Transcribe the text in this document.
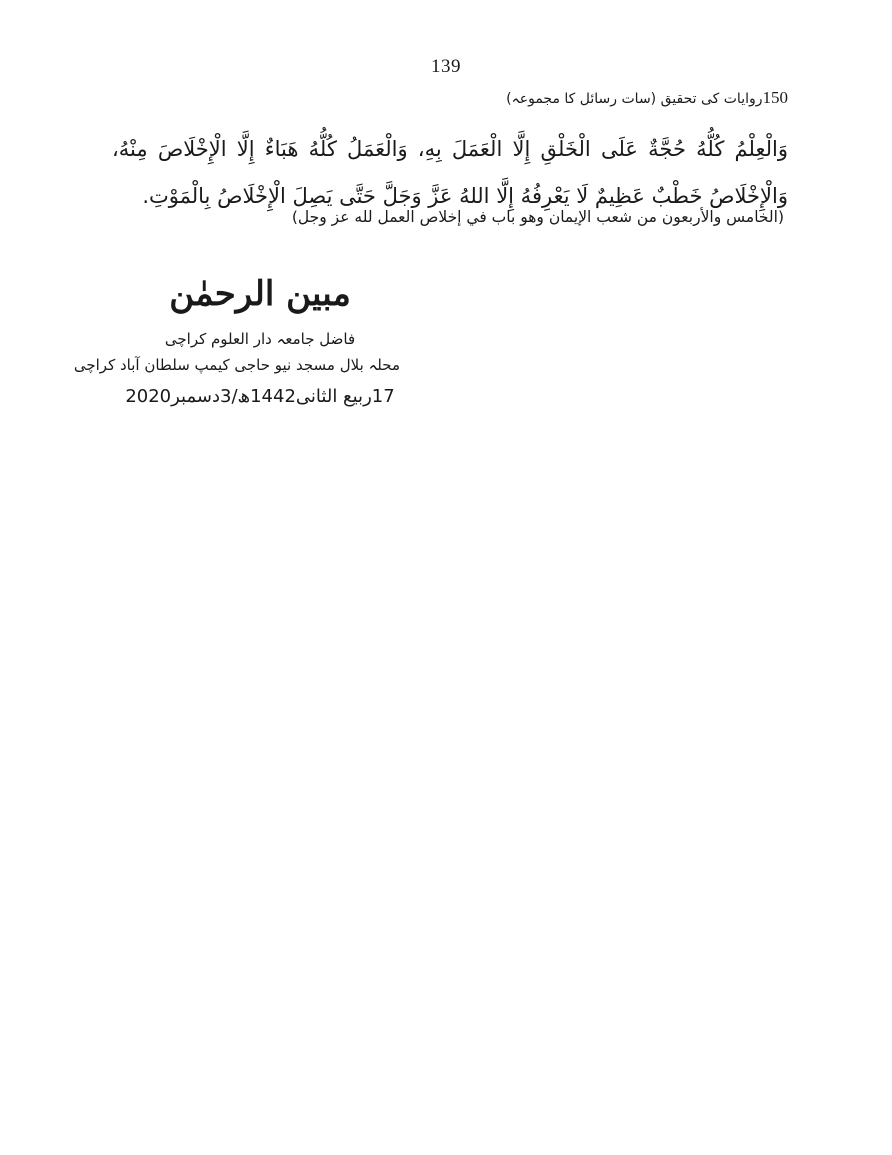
139
150روایات کی تحقیق (سات رسائل کا مجموعہ)

وَالْعِلْمُ كُلُّهُ حُجَّةٌ عَلَى الْخَلْقِ إِلَّا الْعَمَلَ بِهِ، وَالْعَمَلُ كُلُّهُ هَبَاءٌ إِلَّا الْإِخْلَاصَ مِنْهُ، وَالْإِخْلَاصُ خَطْبٌ عَظِيمٌ لَا يَعْرِفُهُ إِلَّا اللهُ عَزَّ وَجَلَّ حَتَّى يَصِلَ الْإِخْلَاصُ بِالْمَوْتِ.

(الخامس والأربعون من شعب الإيمان وهو باب في إخلاص العمل لله عز وجل)

مبین الرحمٰن
فاضل جامعہ دار العلوم کراچی
محلہ بلال مسجد نیو حاجی کیمپ سلطان آباد کراچی
17ربیع الثانی1442ھ/3دسمبر2020
